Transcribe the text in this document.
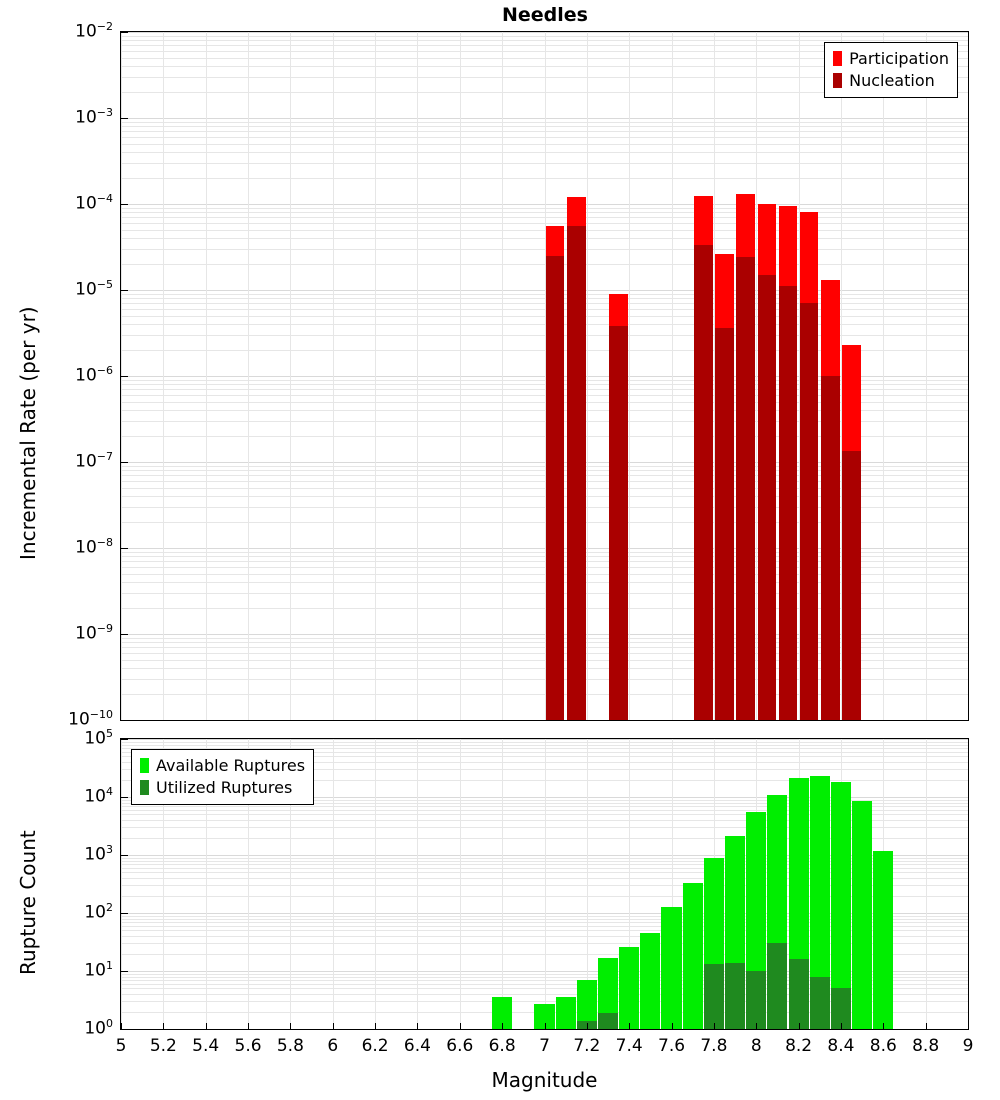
Needles
Participation
Nucleation
Incremental Rate (per yr)
Available Ruptures
Utilized Ruptures
Rupture Count
Magnitude
$10^{-10}$
$10^{-9}$
$10^{-8}$
$10^{-7}$
$10^{-6}$
$10^{-5}$
$10^{-4}$
$10^{-3}$
$10^{-2}$
$10^0$
$10^1$
$10^2$
$10^3$
$10^4$
$10^5$
5	5.2 5.4 5.6 5.8	6	6.2 6.4 6.6 6.8	7	7.2 7.4 7.6 7.8	8	8.2 8.4 8.6 8.8	9
